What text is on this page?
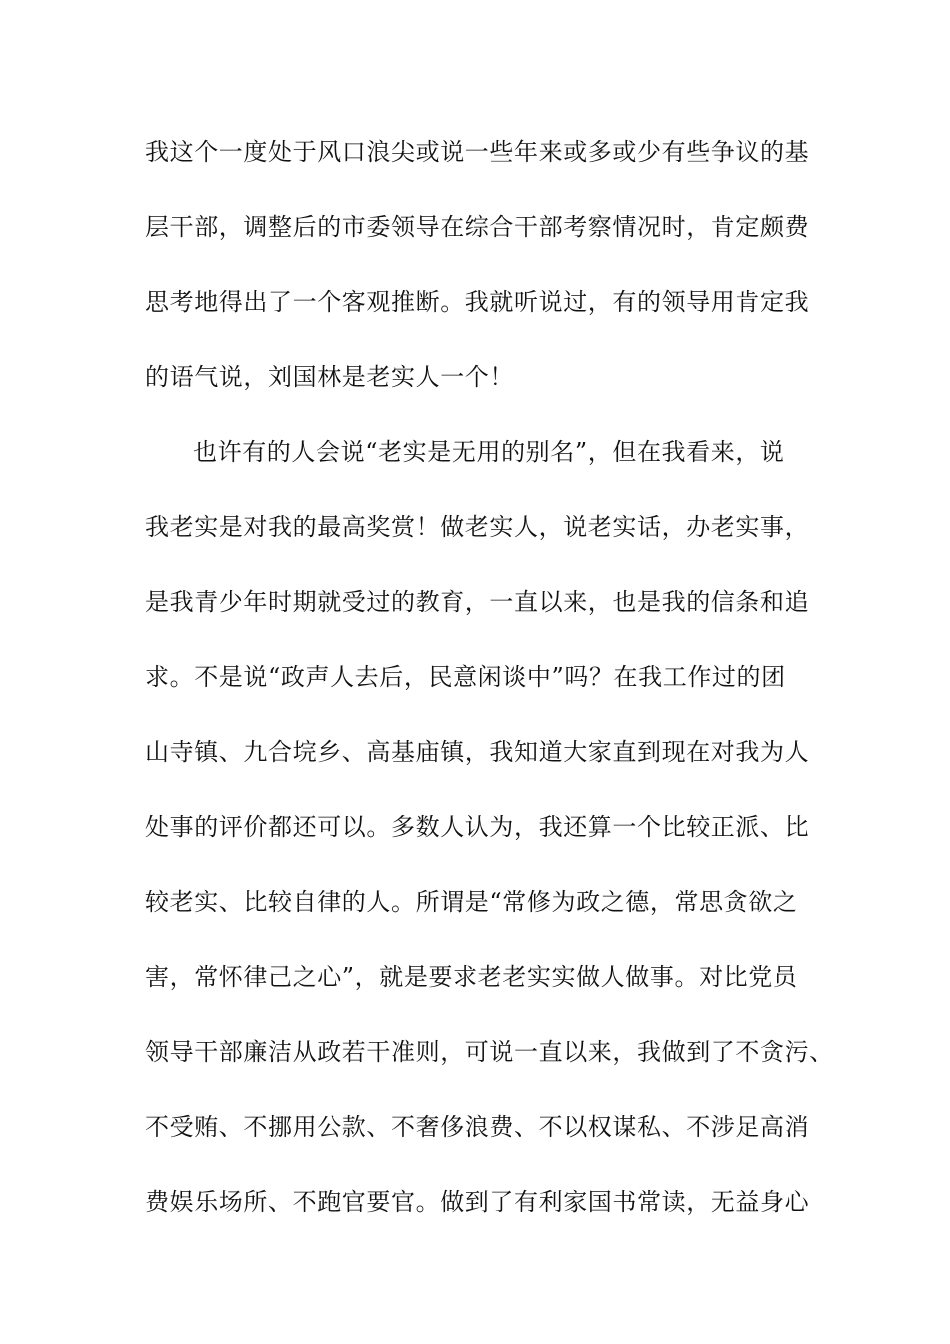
我这个一度处于风口浪尖或说一些年来或多或少有些争议的基
层干部，调整后的市委领导在综合干部考察情况时，肯定颇费
思考地得出了一个客观推断。我就听说过，有的领导用肯定我
的语气说，刘国林是老实人一个！
也许有的人会说“老实是无用的别名”，但在我看来，说
我老实是对我的最高奖赏！做老实人，说老实话，办老实事，
是我青少年时期就受过的教育，一直以来，也是我的信条和追
求。不是说“政声人去后，民意闲谈中”吗？在我工作过的团
山寺镇、九合垸乡、高基庙镇，我知道大家直到现在对我为人
处事的评价都还可以。多数人认为，我还算一个比较正派、比
较老实、比较自律的人。所谓是“常修为政之德，常思贪欲之
害，常怀律己之心”，就是要求老老实实做人做事。对比党员
领导干部廉洁从政若干准则，可说一直以来，我做到了不贪污、
不受贿、不挪用公款、不奢侈浪费、不以权谋私、不涉足高消
费娱乐场所、不跑官要官。做到了有利家国书常读，无益身心
